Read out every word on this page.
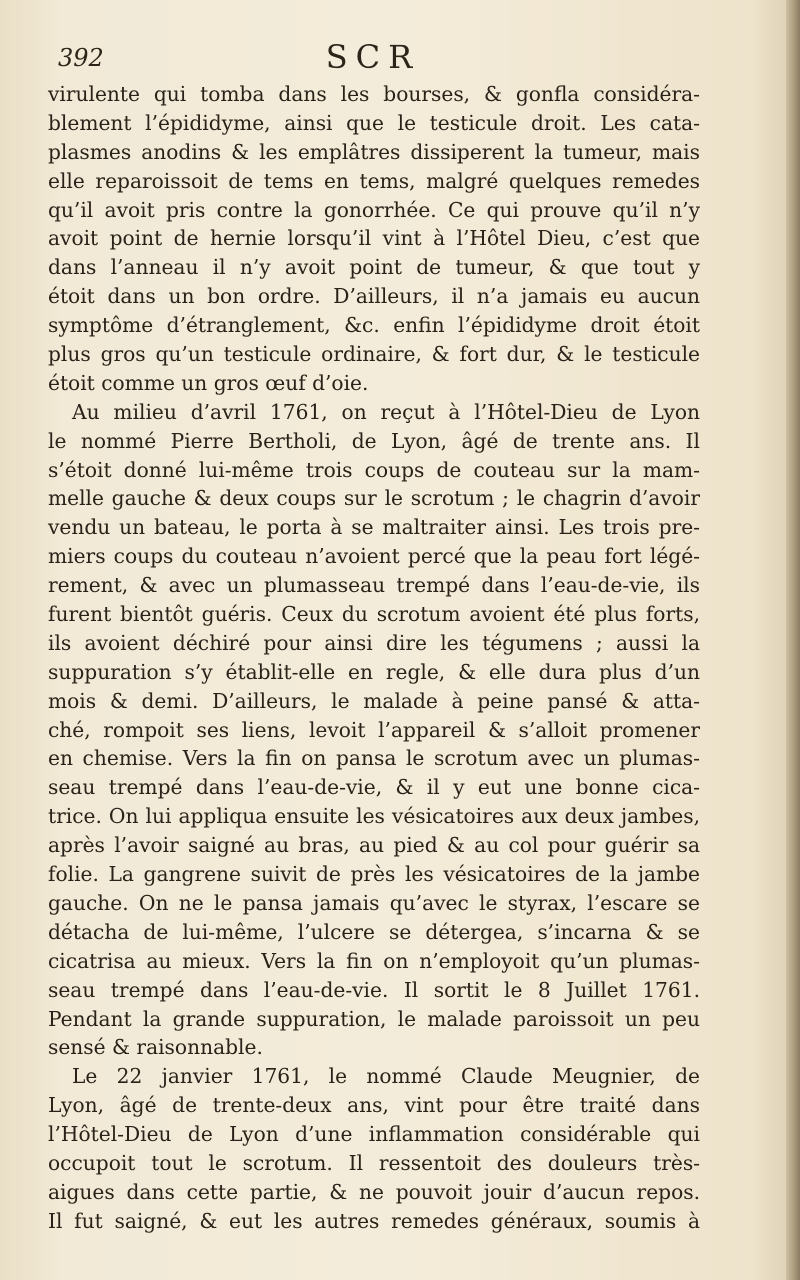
392	SCR
virulente qui tomba dans les bourses, & gonfla considéra-
blement l’épididyme, ainsi que le testicule droit. Les cata-
plasmes anodins & les emplâtres dissiperent la tumeur, mais
elle reparoissoit de tems en tems, malgré quelques remedes
qu’il avoit pris contre la gonorrhée. Ce qui prouve qu’il n’y
avoit point de hernie lorsqu’il vint à l’Hôtel Dieu, c’est que
dans l’anneau il n’y avoit point de tumeur, & que tout y
étoit dans un bon ordre. D’ailleurs, il n’a jamais eu aucun
symptôme d’étranglement, &c. enfin l’épididyme droit étoit
plus gros qu’un testicule ordinaire, & fort dur, & le testicule
étoit comme un gros œuf d’oie.
Au milieu d’avril 1761, on reçut à l’Hôtel-Dieu de Lyon
le nommé Pierre Bertholi, de Lyon, âgé de trente ans. Il
s’étoit donné lui-même trois coups de couteau sur la mam-
melle gauche & deux coups sur le scrotum ; le chagrin d’avoir
vendu un bateau, le porta à se maltraiter ainsi. Les trois pre-
miers coups du couteau n’avoient percé que la peau fort légé-
rement, & avec un plumasseau trempé dans l’eau-de-vie, ils
furent bientôt guéris. Ceux du scrotum avoient été plus forts,
ils avoient déchiré pour ainsi dire les tégumens ; aussi la
suppuration s’y établit-elle en regle, & elle dura plus d’un
mois & demi. D’ailleurs, le malade à peine pansé & atta-
ché, rompoit ses liens, levoit l’appareil & s’alloit promener
en chemise. Vers la fin on pansa le scrotum avec un plumas-
seau trempé dans l’eau-de-vie, & il y eut une bonne cica-
trice. On lui appliqua ensuite les vésicatoires aux deux jambes,
après l’avoir saigné au bras, au pied & au col pour guérir sa
folie. La gangrene suivit de près les vésicatoires de la jambe
gauche. On ne le pansa jamais qu’avec le styrax, l’escare se
détacha de lui-même, l’ulcere se détergea, s’incarna & se
cicatrisa au mieux. Vers la fin on n’employoit qu’un plumas-
seau trempé dans l’eau-de-vie. Il sortit le 8 Juillet 1761.
Pendant la grande suppuration, le malade paroissoit un peu
sensé & raisonnable.
Le 22 janvier 1761, le nommé Claude Meugnier, de
Lyon, âgé de trente-deux ans, vint pour être traité dans
l’Hôtel-Dieu de Lyon d’une inflammation considérable qui
occupoit tout le scrotum. Il ressentoit des douleurs très-
aigues dans cette partie, & ne pouvoit jouir d’aucun repos.
Il fut saigné, & eut les autres remedes généraux, soumis à
